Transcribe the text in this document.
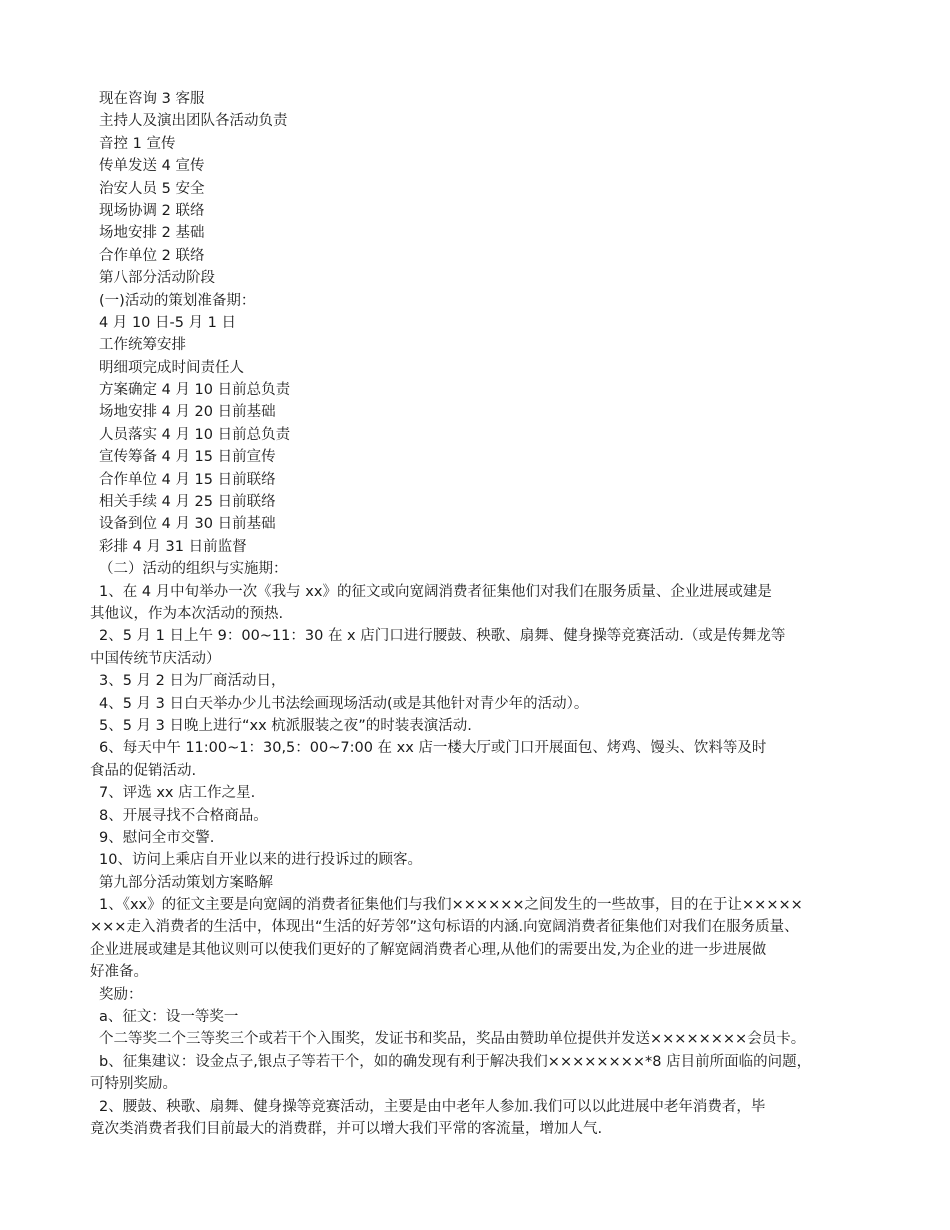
现在咨询 3 客服

主持人及演出团队各活动负责

音控 1 宣传

传单发送 4 宣传

治安人员 5 安全

现场协调 2 联络

场地安排 2 基础

合作单位 2 联络

第八部分活动阶段

(一)活动的策划准备期：

4 月 10 日-5 月 1 日

工作统筹安排

明细项完成时间责任人

方案确定 4 月 10 日前总负责

场地安排 4 月 20 日前基础

人员落实 4 月 10 日前总负责

宣传筹备 4 月 15 日前宣传

合作单位 4 月 15 日前联络

相关手续 4 月 25 日前联络

设备到位 4 月 30 日前基础

彩排 4 月 31 日前监督

（二）活动的组织与实施期：

1、在 4 月中旬举办一次《我与 xx》的征文或向宽阔消费者征集他们对我们在服务质量、企业进展或建是

其他议，作为本次活动的预热.

2、5 月 1 日上午 9：00~11：30 在 x 店门口进行腰鼓、秧歌、扇舞、健身操等竞赛活动.（或是传舞龙等

中国传统节庆活动）

3、5 月 2 日为厂商活动日，

4、5 月 3 日白天举办少儿书法绘画现场活动(或是其他针对青少年的活动）。

5、5 月 3 日晚上进行“xx 杭派服装之夜”的时装表演活动.

6、每天中午 11:00~1：30,5：00~7:00 在 xx 店一楼大厅或门口开展面包、烤鸡、馒头、饮料等及时

食品的促销活动.

7、评选 xx 店工作之星.

8、开展寻找不合格商品。

9、慰问全市交警.

10、访问上乘店自开业以来的进行投诉过的顾客。

第九部分活动策划方案略解

1、《xx》的征文主要是向宽阔的消费者征集他们与我们××××××之间发生的一些故事，目的在于让×××××

×××走入消费者的生活中，体现出“生活的好芳邻”这句标语的内涵.向宽阔消费者征集他们对我们在服务质量、

企业进展或建是其他议则可以使我们更好的了解宽阔消费者心理,从他们的需要出发,为企业的进一步进展做

好准备。

奖励：

a、征文：设一等奖一

个二等奖二个三等奖三个或若干个入围奖，发证书和奖品，奖品由赞助单位提供并发送××××××××会员卡。

b、征集建议：设金点子,银点子等若干个，如的确发现有利于解决我们××××××××*8 店目前所面临的问题，

可特别奖励。

2、腰鼓、秧歌、扇舞、健身操等竞赛活动，主要是由中老年人参加.我们可以以此进展中老年消费者，毕

竟次类消费者我们目前最大的消费群，并可以增大我们平常的客流量，增加人气.
